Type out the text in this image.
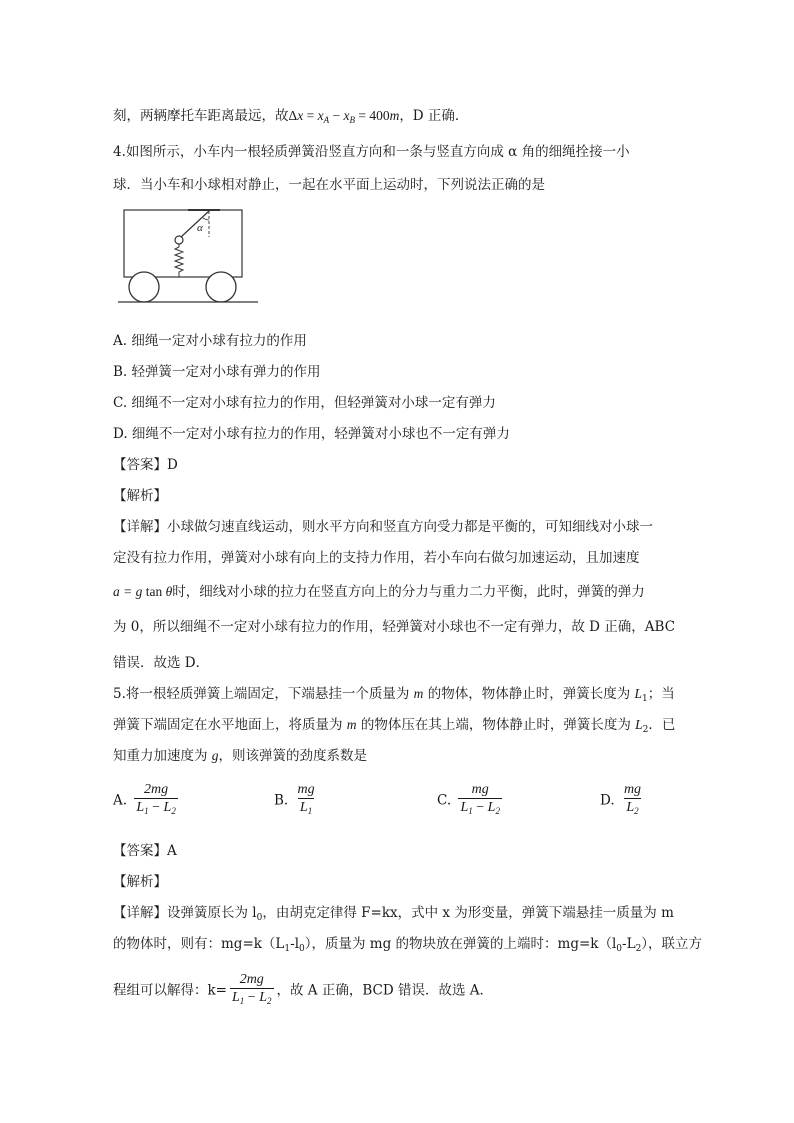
刻，两辆摩托车距离最远，故$\Delta x = x_A - x_B = 400m$，D 正确．
4.如图所示，小车内一根轻质弹簧沿竖直方向和一条与竖直方向成 α 角的细绳拴接一小
球．当小车和小球相对静止，一起在水平面上运动时，下列说法正确的是
α
A. 细绳一定对小球有拉力的作用
B. 轻弹簧一定对小球有弹力的作用
C. 细绳不一定对小球有拉力的作用，但轻弹簧对小球一定有弹力
D. 细绳不一定对小球有拉力的作用，轻弹簧对小球也不一定有弹力
【答案】D
【解析】
【详解】小球做匀速直线运动，则水平方向和竖直方向受力都是平衡的，可知细线对小球一
定没有拉力作用，弹簧对小球有向上的支持力作用，若小车向右做匀加速运动，且加速度
a = g tan θ时，细线对小球的拉力在竖直方向上的分力与重力二力平衡，此时，弹簧的弹力
为 0，所以细绳不一定对小球有拉力的作用，轻弹簧对小球也不一定有弹力，故 D 正确，ABC
错误．故选 D．
5.将一根轻质弹簧上端固定，下端悬挂一个质量为 m 的物体，物体静止时，弹簧长度为 $L_1$；当
弹簧下端固定在水平地面上，将质量为 m 的物体压在其上端，物体静止时，弹簧长度为 $L_2$．已
知重力加速度为 g，则该弹簧的劲度系数是
A. $\frac{2mg}{L_1 - L_2}$	B. $\frac{mg}{L_1}$	C. $\frac{mg}{L_1 - L_2}$	D. $\frac{mg}{L_2}$
【答案】A
【解析】
【详解】设弹簧原长为 $l_0$，由胡克定律得 F=kx，式中 x 为形变量，弹簧下端悬挂一质量为 m
的物体时，则有：$mg=k(L_1-l_0)$，质量为 mg 的物块放在弹簧的上端时：$mg=k(l_0-L_2)$，联立方
程组可以解得：$k= \frac{2mg}{L_1 - L_2}$ ，故 A 正确，BCD 错误．故选 A．
